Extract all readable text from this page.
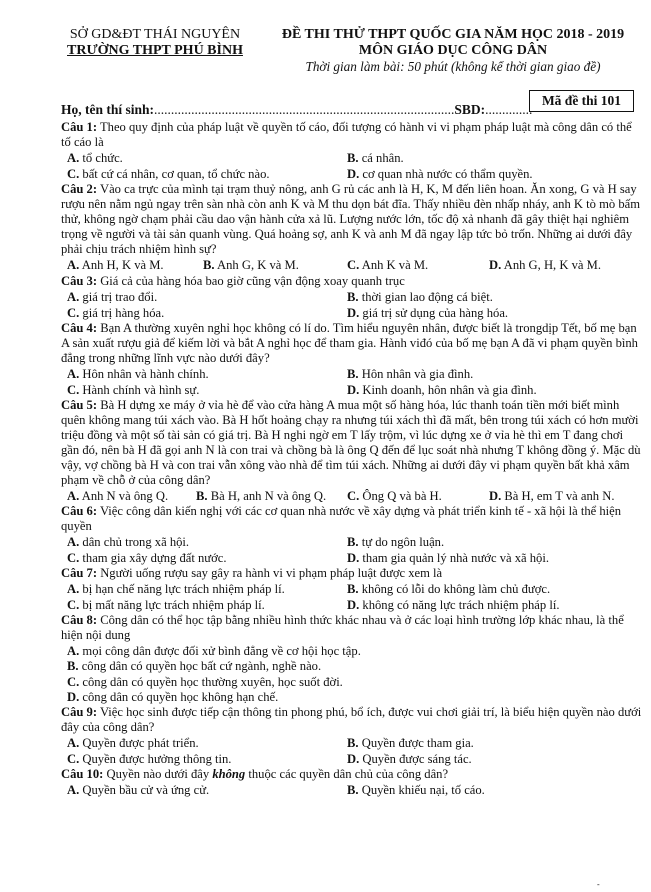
SỞ GD&ĐT THÁI NGUYÊN
TRƯỜNG THPT PHÚ BÌNH
ĐỀ THI THỬ THPT QUỐC GIA NĂM HỌC 2018 - 2019
MÔN GIÁO DỤC CÔNG DÂN
Thời gian làm bài: 50 phút (không kể thời gian giao đề)
Họ, tên thí sinh:.........................................................................................SBD:..............
Mã đề thi 101
Câu 1: Theo quy định của pháp luật về quyền tố cáo, đối tượng có hành vi vi phạm pháp luật mà công dân có thể tố cáo là
A. tổ chức.	B. cá nhân.
C. bất cứ cá nhân, cơ quan, tổ chức nào.	D. cơ quan nhà nước có thẩm quyền.
Câu 2: Vào ca trực của mình tại trạm thuỷ nông, anh G rủ các anh là H, K, M đến liên hoan. Ăn xong, G và H say rượu nên nằm ngủ ngay trên sàn nhà còn anh K và M thu dọn bát đĩa. Thấy nhiều đèn nhấp nháy, anh K tò mò bấm thử, không ngờ chạm phải cầu dao vận hành cửa xả lũ. Lượng nước lớn, tốc độ xả nhanh đã gây thiệt hại nghiêm trọng về người và tài sản quanh vùng. Quá hoảng sợ, anh K và anh M đã ngay lập tức bỏ trốn. Những ai dưới đây phải chịu trách nhiệm hình sự?
A. Anh H, K và M.	B. Anh G, K và M.	C. Anh K và M.	D. Anh G, H, K và M.
Câu 3: Giá cả của hàng hóa bao giờ cũng vận động xoay quanh trục
A. giá trị trao đổi.	B. thời gian lao động cá biệt.
C. giá trị hàng hóa.	D. giá trị sử dụng của hàng hóa.
Câu 4: Bạn A thường xuyên nghỉ học không có lí do. Tìm hiểu nguyên nhân, được biết là trongdịp Tết, bố mẹ bạn A sản xuất rượu giả để kiếm lời và bắt A nghỉ học để tham gia. Hành viđó của bố mẹ bạn A đã vi phạm quyền bình đẳng trong những lĩnh vực nào dưới đây?
A. Hôn nhân và hành chính.	B. Hôn nhân và gia đình.
C. Hành chính và hình sự.	D. Kinh doanh, hôn nhân và gia đình.
Câu 5: Bà H dựng xe máy ở vỉa hè để vào cửa hàng A mua một số hàng hóa, lúc thanh toán tiền mới biết mình quên không mang túi xách vào. Bà H hốt hoảng chạy ra nhưng túi xách thì đã mất, bên trong túi xách có hơn mười triệu đồng và một số tài sản có giá trị. Bà H nghi ngờ em T lấy trộm, vì lúc dựng xe ở vỉa hè thì em T đang chơi gần đó, nên bà H đã gọi anh N là con trai và chồng bà là ông Q đến để lục soát nhà nhưng T không đồng ý. Mặc dù vậy, vợ chồng bà H và con trai vẫn xông vào nhà để tìm túi xách. Những ai dưới đây vi phạm quyền bất khả xâm phạm về chỗ ở của công dân?
A. Anh N và ông Q. B. Bà H, anh N và ông Q. C. Ông Q và bà H.	D. Bà H, em T và anh N.
Câu 6: Việc công dân kiến nghị với các cơ quan nhà nước về xây dựng và phát triển kinh tế - xã hội là thể hiện quyền
A. dân chủ trong xã hội.	B. tự do ngôn luận.
C. tham gia xây dựng đất nước.	D. tham gia quản lý nhà nước và xã hội.
Câu 7: Người uống rượu say gây ra hành vi vi phạm pháp luật được xem là
A. bị hạn chế năng lực trách nhiệm pháp lí.	B. không có lỗi do không làm chủ được.
C. bị mất năng lực trách nhiệm pháp lí.	D. không có năng lực trách nhiệm pháp lí.
Câu 8: Công dân có thể học tập bằng nhiều hình thức khác nhau và ở các loại hình trường lớp khác nhau, là thể hiện nội dung
A. mọi công dân được đối xử bình đẳng về cơ hội học tập.
B. công dân có quyền học bất cứ ngành, nghề nào.
C. công dân có quyền học thường xuyên, học suốt đời.
D. công dân có quyền học không hạn chế.
Câu 9: Việc học sinh được tiếp cận thông tin phong phú, bổ ích, được vui chơi giải trí, là biểu hiện quyền nào dưới đây của công dân?
A. Quyền được phát triển.	B. Quyền được tham gia.
C. Quyền được hưởng thông tin.	D. Quyền được sáng tác.
Câu 10: Quyền nào dưới đây không thuộc các quyền dân chủ của công dân?
A. Quyền bầu cử và ứng cử.	B. Quyền khiếu nại, tố cáo.
-
